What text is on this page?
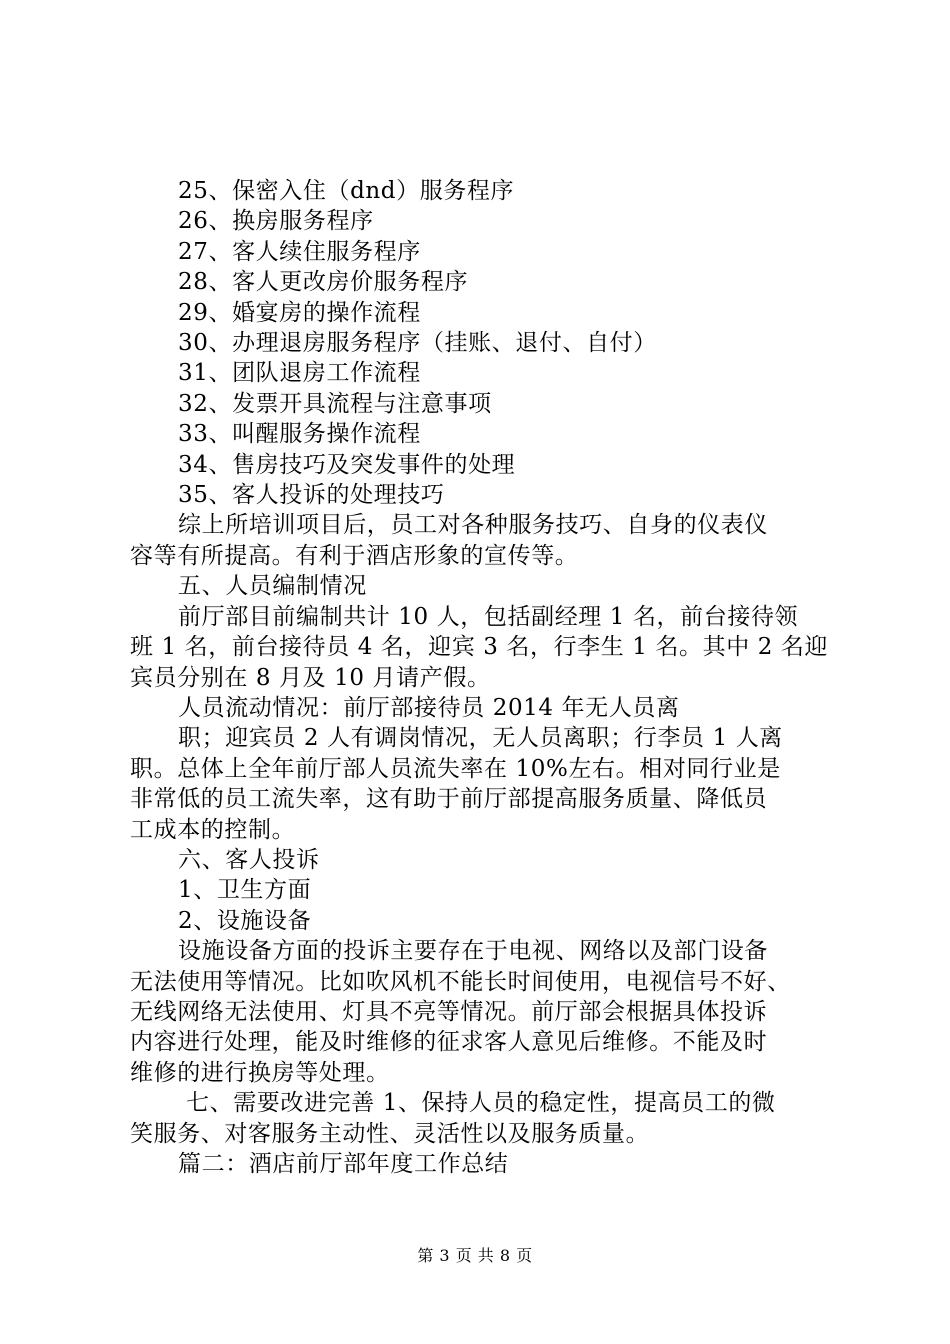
25、保密入住（dnd）服务程序

26、换房服务程序

27、客人续住服务程序

28、客人更改房价服务程序

29、婚宴房的操作流程

30、办理退房服务程序（挂账、退付、自付）

31、团队退房工作流程

32、发票开具流程与注意事项

33、叫醒服务操作流程

34、售房技巧及突发事件的处理

35、客人投诉的处理技巧

综上所培训项目后，员工对各种服务技巧、自身的仪表仪

容等有所提高。有利于酒店形象的宣传等。

五、人员编制情况

前厅部目前编制共计 10 人，包括副经理 1 名，前台接待领

班 1 名，前台接待员 4 名，迎宾 3 名，行李生 1 名。其中 2 名迎

宾员分别在 8 月及 10 月请产假。

人员流动情况：前厅部接待员 2014 年无人员离

职；迎宾员 2 人有调岗情况，无人员离职；行李员 1 人离

职。总体上全年前厅部人员流失率在 10%左右。相对同行业是

非常低的员工流失率，这有助于前厅部提高服务质量、降低员

工成本的控制。

六、客人投诉

1、卫生方面

2、设施设备

设施设备方面的投诉主要存在于电视、网络以及部门设备

无法使用等情况。比如吹风机不能长时间使用，电视信号不好、

无线网络无法使用、灯具不亮等情况。前厅部会根据具体投诉

内容进行处理，能及时维修的征求客人意见后维修。不能及时

维修的进行换房等处理。

七、需要改进完善 1、保持人员的稳定性，提高员工的微

笑服务、对客服务主动性、灵活性以及服务质量。

篇二：酒店前厅部年度工作总结

第 3 页 共 8 页
